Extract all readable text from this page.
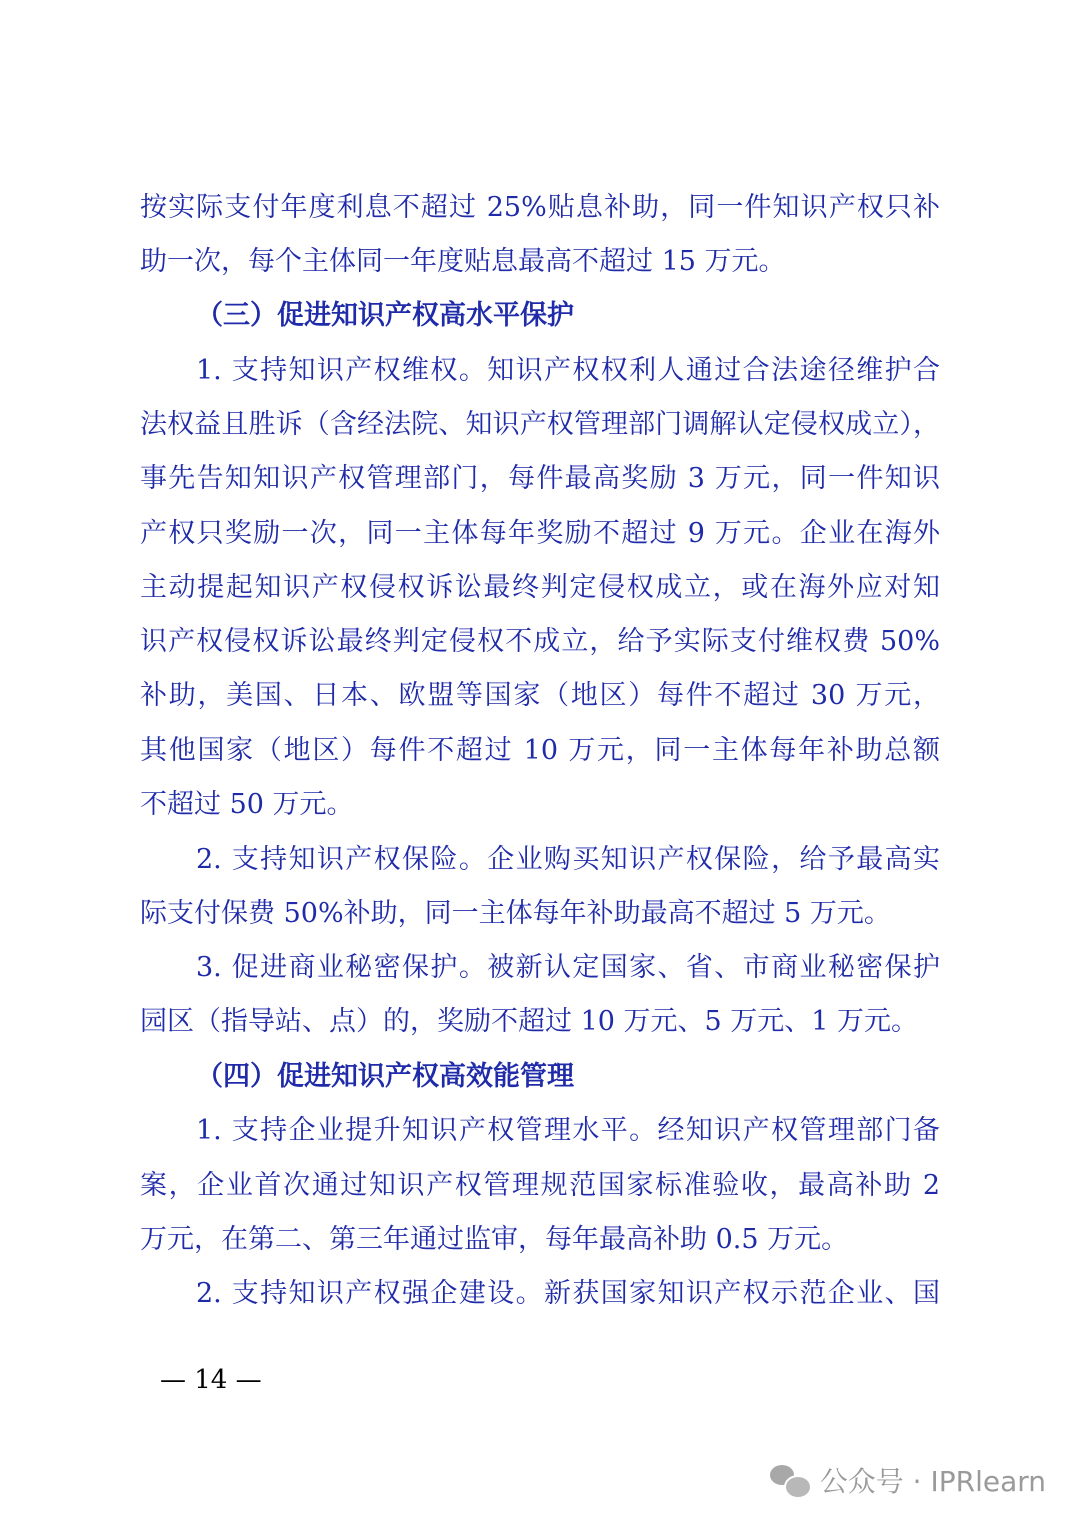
按实际支付年度利息不超过 25%贴息补助，同一件知识产权只补
助一次，每个主体同一年度贴息最高不超过 15 万元。
（三）促进知识产权高水平保护
1. 支持知识产权维权。知识产权权利人通过合法途径维护合
法权益且胜诉（含经法院、知识产权管理部门调解认定侵权成立），
事先告知知识产权管理部门，每件最高奖励 3 万元，同一件知识
产权只奖励一次，同一主体每年奖励不超过 9 万元。企业在海外
主动提起知识产权侵权诉讼最终判定侵权成立，或在海外应对知
识产权侵权诉讼最终判定侵权不成立，给予实际支付维权费 50%
补助，美国、日本、欧盟等国家（地区）每件不超过 30 万元，
其他国家（地区）每件不超过 10 万元，同一主体每年补助总额
不超过 50 万元。
2. 支持知识产权保险。企业购买知识产权保险，给予最高实
际支付保费 50%补助，同一主体每年补助最高不超过 5 万元。
3. 促进商业秘密保护。被新认定国家、省、市商业秘密保护
园区（指导站、点）的，奖励不超过 10 万元、5 万元、1 万元。
（四）促进知识产权高效能管理
1. 支持企业提升知识产权管理水平。经知识产权管理部门备
案，企业首次通过知识产权管理规范国家标准验收，最高补助 2
万元，在第二、第三年通过监审，每年最高补助 0.5 万元。
2. 支持知识产权强企建设。新获国家知识产权示范企业、国
— 14 —
公众号 · IPRlearn
